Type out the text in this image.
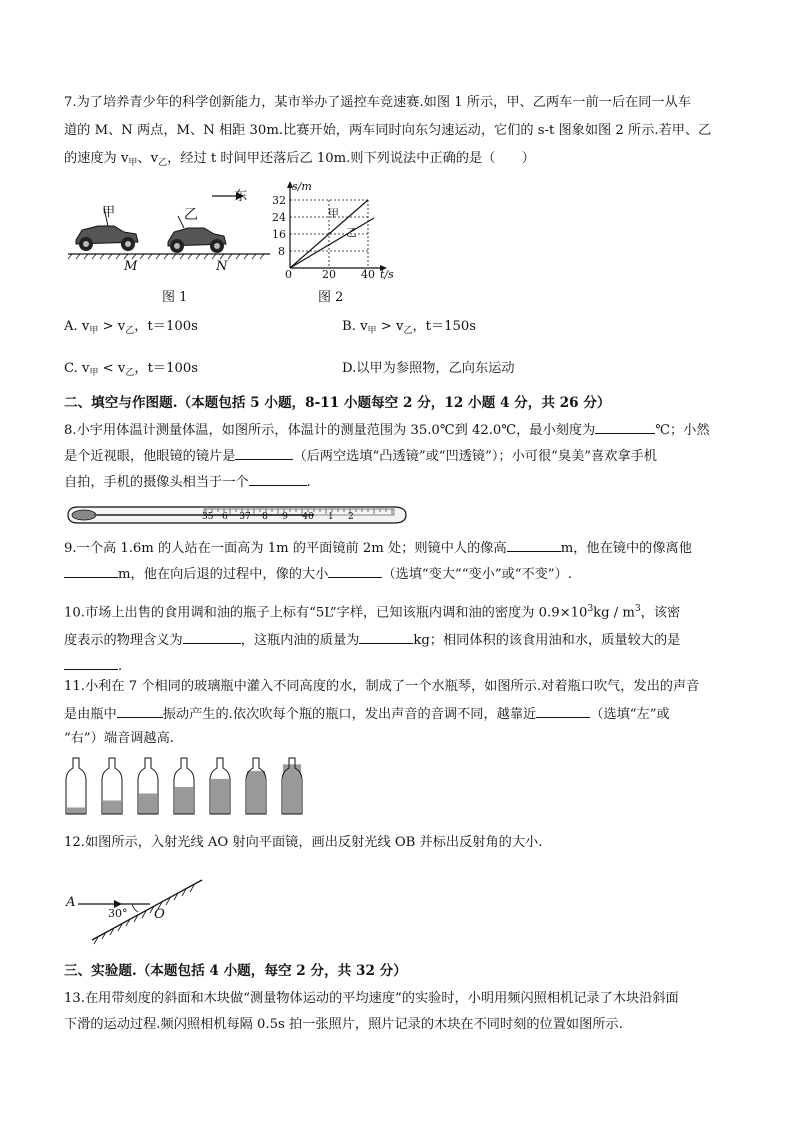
7.为了培养青少年的科学创新能力，某市举办了遥控车竞速赛.如图 1 所示，甲、乙两车一前一后在同一从车
道的 M、N 两点，M、N 相距 30m.比赛开始，两车同时向东匀速运动，它们的 s-t 图象如图 2 所示.若甲、乙
的速度为 $v_甲$、$v_乙$，经过 t 时间甲还落后乙 10m.则下列说法中正确的是（　　）
东
甲	乙
M	N
图 1
s/m
32
24
16
8
0	20 40 t/s
甲
乙
图 2
A. $v_甲 > v_乙$，t＝100s	B. $v_甲 > v_乙$，t＝150s
C. $v_甲 < v_乙$，t＝100s	D.以甲为参照物，乙向东运动
二、填空与作图题.（本题包括 5 小题，8-11 小题每空 2 分，12 小题 4 分，共 26 分）
8.小宇用体温计测量体温，如图所示，体温计的测量范围为 35.0℃到 42.0℃，最小刻度为	℃；小然
是个近视眼，他眼镜的镜片是	（后两空选填“凸透镜”或“凹透镜”）；小可很“臭美”喜欢拿手机
自拍，手机的摄像头相当于一个	.
35 6 37 8 9 40 1 2
9.一个高 1.6m 的人站在一面高为 1m 的平面镜前 2m 处；则镜中人的像高	m，他在镜中的像离他
m，他在向后退的过程中，像的大小	（选填“变大”“变小”或“不变”）.
10.市场上出售的食用调和油的瓶子上标有“5L”字样，已知该瓶内调和油的密度为 $0.9\times 10^3kg / m^3$，该密
度表示的物理含义为	，这瓶内油的质量为	kg；相同体积的该食用油和水，质量较大的是
.
11.小利在 7 个相同的玻璃瓶中灌入不同高度的水，制成了一个水瓶琴，如图所示.对着瓶口吹气，发出的声音
是由瓶中	振动产生的.依次吹每个瓶的瓶口，发出声音的音调不同，越靠近	（选填“左”或
“右”）端音调越高.
12.如图所示，入射光线 AO 射向平面镜，画出反射光线 OB 并标出反射角的大小.
A
30° O
三、实验题.（本题包括 4 小题，每空 2 分，共 32 分）
13.在用带刻度的斜面和木块做“测量物体运动的平均速度”的实验时，小明用频闪照相机记录了木块沿斜面
下滑的运动过程.频闪照相机每隔 0.5s 拍一张照片，照片记录的木块在不同时刻的位置如图所示.
